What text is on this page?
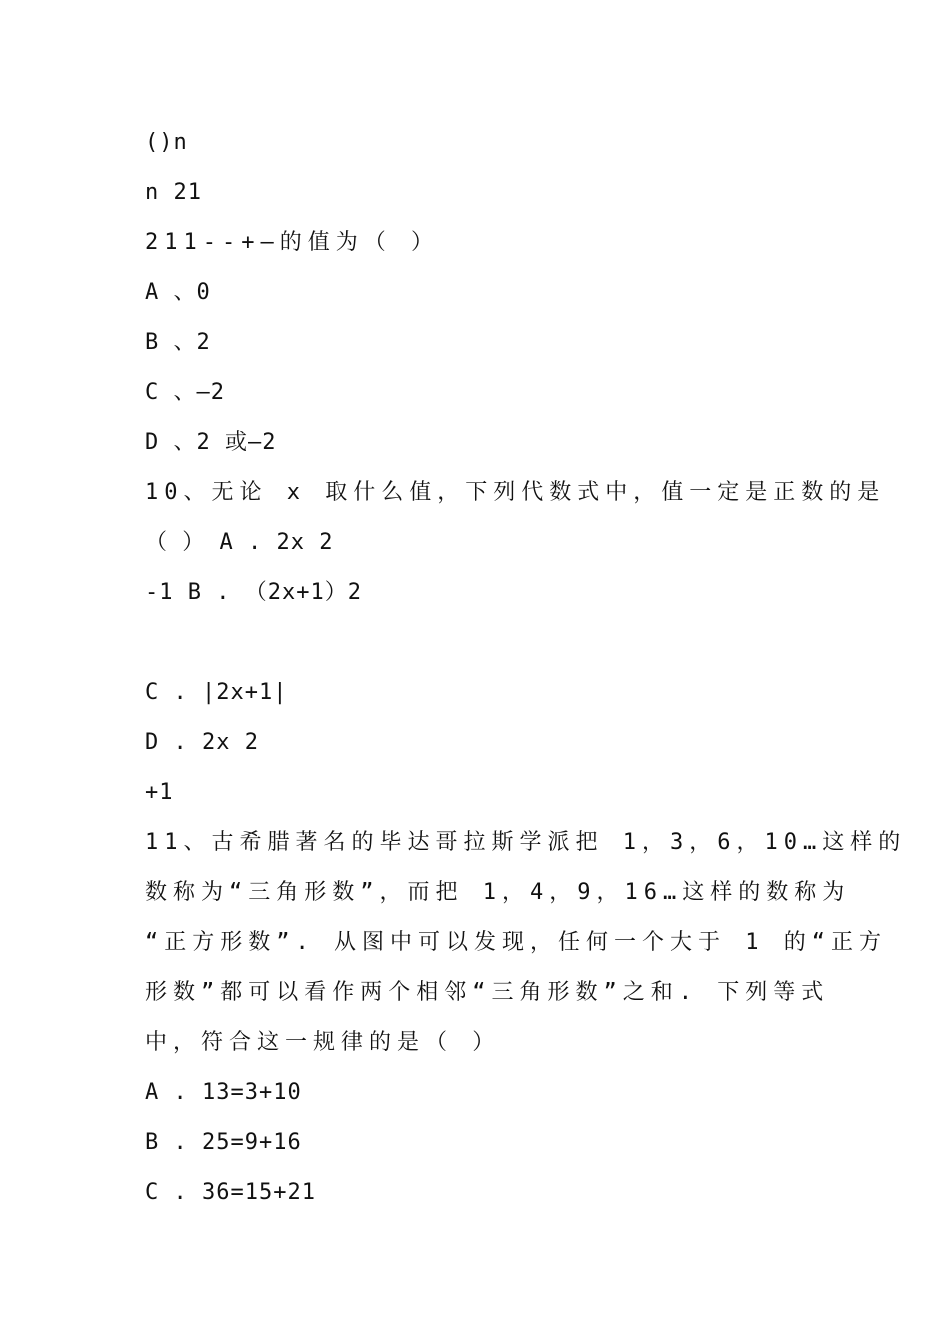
()n
n 21
211--+—的值为（ ）
A 、0
B 、2
C 、—2
D 、2 或—2
10、无论 x 取什么值，下列代数式中，值一定是正数的是
（ ） A . 2x 2
-1 B . （2x+1）2
C . |2x+1|
D . 2x 2
+1
11、古希腊著名的毕达哥拉斯学派把 1，3，6，10…这样的
数称为“三角形数”，而把 1，4，9，16…这样的数称为
“正方形数”. 从图中可以发现，任何一个大于 1 的“正方
形数”都可以看作两个相邻“三角形数”之和. 下列等式
中，符合这一规律的是（ ）
A . 13=3+10
B . 25=9+16
C . 36=15+21
